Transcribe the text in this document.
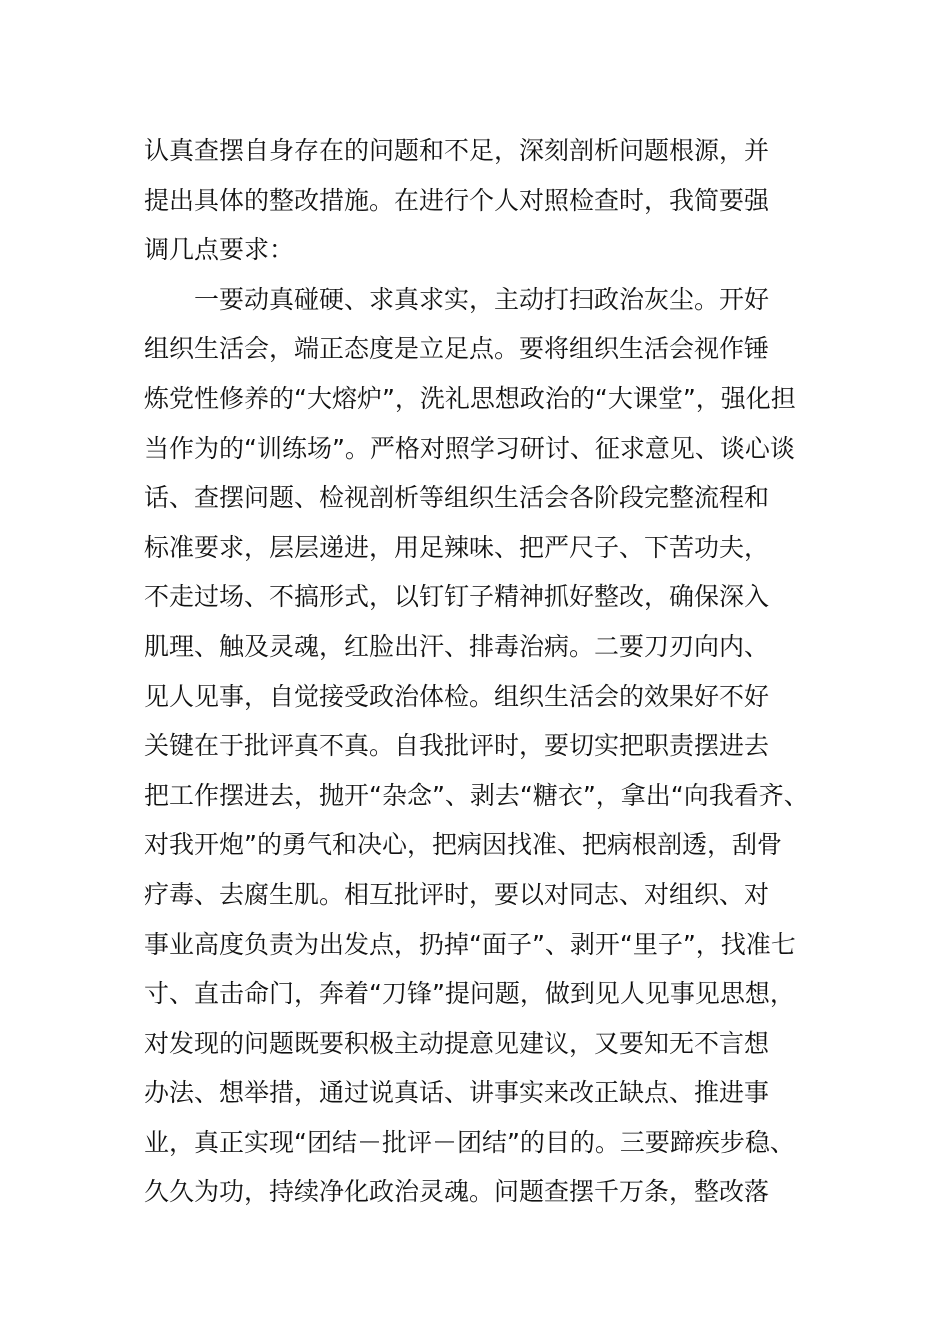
认真查摆自身存在的问题和不足，深刻剖析问题根源，并
提出具体的整改措施。在进行个人对照检查时，我简要强
调几点要求：
　　一要动真碰硬、求真求实，主动打扫政治灰尘。开好
组织生活会，端正态度是立足点。要将组织生活会视作锤
炼党性修养的“大熔炉”，洗礼思想政治的“大课堂”，强化担
当作为的“训练场”。严格对照学习研讨、征求意见、谈心谈
话、查摆问题、检视剖析等组织生活会各阶段完整流程和
标准要求，层层递进，用足辣味、把严尺子、下苦功夫，
不走过场、不搞形式，以钉钉子精神抓好整改，确保深入
肌理、触及灵魂，红脸出汗、排毒治病。二要刀刃向内、
见人见事，自觉接受政治体检。组织生活会的效果好不好
关键在于批评真不真。自我批评时，要切实把职责摆进去
把工作摆进去，抛开“杂念”、剥去“糖衣”，拿出“向我看齐、
对我开炮”的勇气和决心，把病因找准、把病根剖透，刮骨
疗毒、去腐生肌。相互批评时，要以对同志、对组织、对
事业高度负责为出发点，扔掉“面子”、剥开“里子”，找准七
寸、直击命门，奔着“刀锋”提问题，做到见人见事见思想，
对发现的问题既要积极主动提意见建议，又要知无不言想
办法、想举措，通过说真话、讲事实来改正缺点、推进事
业，真正实现“团结－批评－团结”的目的。三要蹄疾步稳、
久久为功，持续净化政治灵魂。问题查摆千万条，整改落
